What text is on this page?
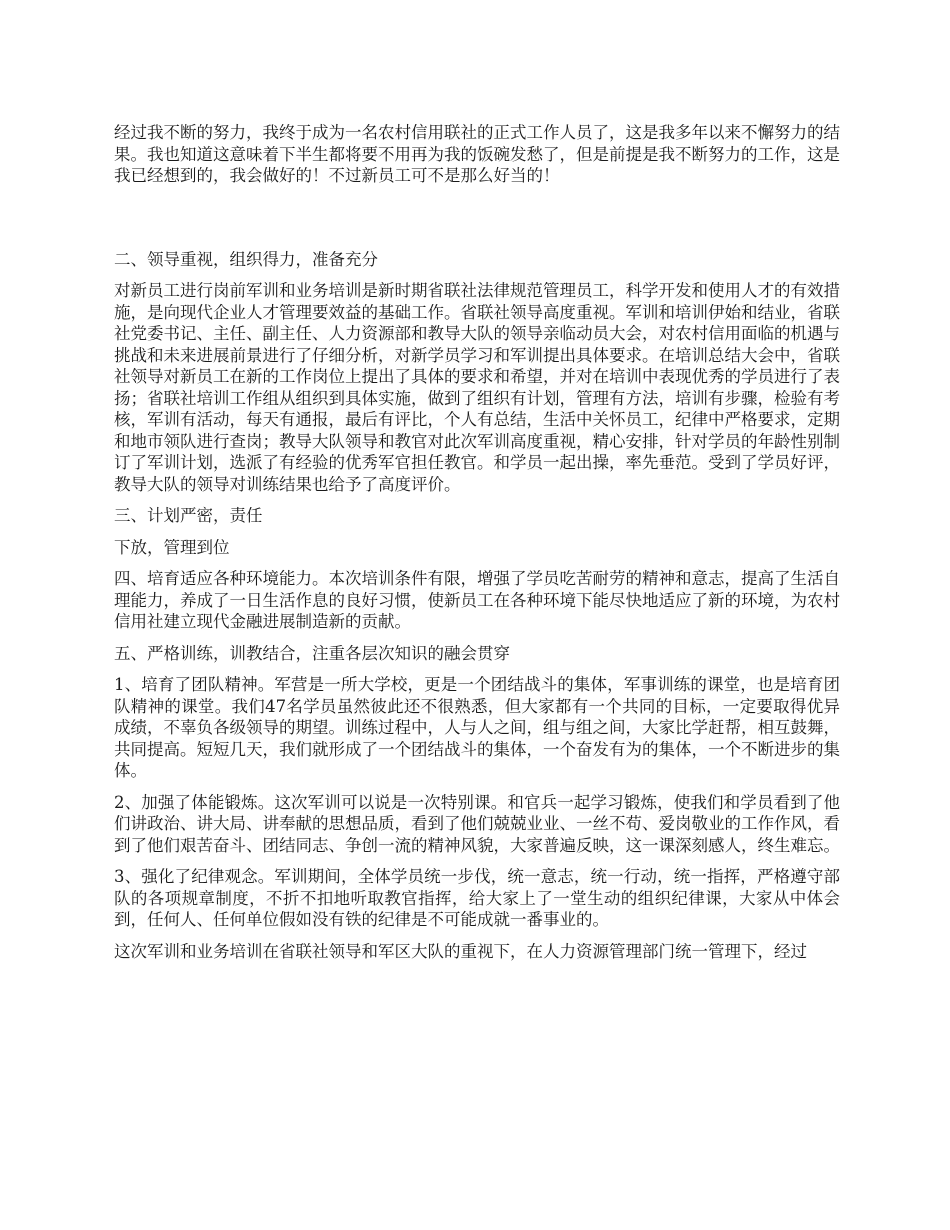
经过我不断的努力，我终于成为一名农村信用联社的正式工作人员了，这是我多年以来不懈努力的结果。我也知道这意味着下半生都将要不用再为我的饭碗发愁了，但是前提是我不断努力的工作，这是我已经想到的，我会做好的！不过新员工可不是那么好当的！

二、领导重视，组织得力，准备充分

对新员工进行岗前军训和业务培训是新时期省联社法律规范管理员工，科学开发和使用人才的有效措施，是向现代企业人才管理要效益的基础工作。省联社领导高度重视。军训和培训伊始和结业，省联社党委书记、主任、副主任、人力资源部和教导大队的领导亲临动员大会，对农村信用面临的机遇与挑战和未来进展前景进行了仔细分析，对新学员学习和军训提出具体要求。在培训总结大会中，省联社领导对新员工在新的工作岗位上提出了具体的要求和希望，并对在培训中表现优秀的学员进行了表扬；省联社培训工作组从组织到具体实施，做到了组织有计划，管理有方法，培训有步骤，检验有考核，军训有活动，每天有通报，最后有评比，个人有总结，生活中关怀员工，纪律中严格要求，定期和地市领队进行查岗；教导大队领导和教官对此次军训高度重视，精心安排，针对学员的年龄性别制订了军训计划，选派了有经验的优秀军官担任教官。和学员一起出操，率先垂范。受到了学员好评，教导大队的领导对训练结果也给予了高度评价。

三、计划严密，责任

下放，管理到位

四、培育适应各种环境能力。本次培训条件有限，增强了学员吃苦耐劳的精神和意志，提高了生活自理能力，养成了一日生活作息的良好习惯，使新员工在各种环境下能尽快地适应了新的环境，为农村信用社建立现代金融进展制造新的贡献。

五、严格训练，训教结合，注重各层次知识的融会贯穿

1、培育了团队精神。军营是一所大学校，更是一个团结战斗的集体，军事训练的课堂，也是培育团队精神的课堂。我们47名学员虽然彼此还不很熟悉，但大家都有一个共同的目标，一定要取得优异成绩，不辜负各级领导的期望。训练过程中，人与人之间，组与组之间，大家比学赶帮，相互鼓舞，共同提高。短短几天，我们就形成了一个团结战斗的集体，一个奋发有为的集体，一个不断进步的集体。

2、加强了体能锻炼。这次军训可以说是一次特别课。和官兵一起学习锻炼，使我们和学员看到了他们讲政治、讲大局、讲奉献的思想品质，看到了他们兢兢业业、一丝不苟、爱岗敬业的工作作风，看到了他们艰苦奋斗、团结同志、争创一流的精神风貌，大家普遍反映，这一课深刻感人，终生难忘。

3、强化了纪律观念。军训期间，全体学员统一步伐，统一意志，统一行动，统一指挥，严格遵守部队的各项规章制度，不折不扣地听取教官指挥，给大家上了一堂生动的组织纪律课，大家从中体会到，任何人、任何单位假如没有铁的纪律是不可能成就一番事业的。

这次军训和业务培训在省联社领导和军区大队的重视下，在人力资源管理部门统一管理下，经过
